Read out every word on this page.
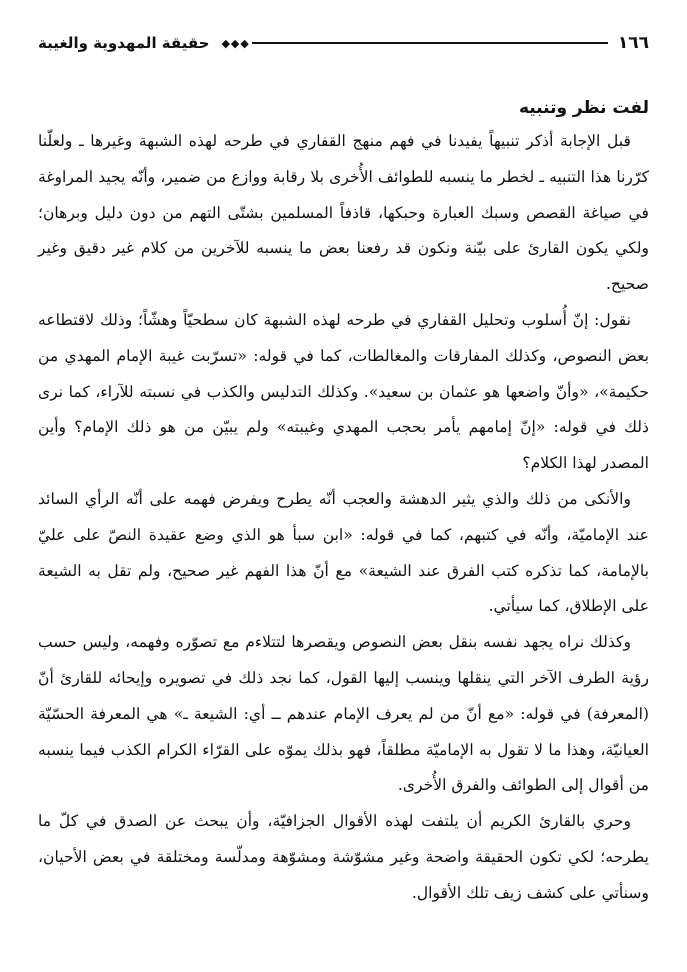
١٦٦
◆◆◆
حقيقة المهدوية والغيبة
لفت نظر وتنبيه

قبل الإجابة أذكر تنبيهاً يفيدنا في فهم منهج القفاري في طرحه لهذه الشبهة وغيرها ـ ولعلّنا كرّرنا هذا التنبيه ـ لخطر ما ينسبه للطوائف الأُخرى بلا رقابة ووازع من ضمير، وأنّه يجيد المراوغة في صياغة القصص وسبك العبارة وحبكها، قاذفاً المسلمين بشتّى التهم من دون دليل وبرهان؛ ولكي يكون القارئ على بيّنة ونكون قد رفعنا بعض ما ينسبه للآخرين من كلام غير دقيق وغير صحيح.

نقول: إنّ أُسلوب وتحليل القفاري في طرحه لهذه الشبهة كان سطحيّاً وهشّاً؛ وذلك لاقتطاعه بعض النصوص، وكذلك المفارقات والمغالطات، كما في قوله: «تسرّبت غيبة الإمام المهدي من حكيمة»، «وأنّ واضعها هو عثمان بن سعيد». وكذلك التدليس والكذب في نسبته للآراء، كما نرى ذلك في قوله: «إنّ إمامهم يأمر بحجب المهدي وغيبته» ولم يبيّن من هو ذلك الإمام؟ وأين المصدر لهذا الكلام؟

والأنكى من ذلك والذي يثير الدهشة والعجب أنّه يطرح ويفرض فهمه على أنّه الرأي السائد عند الإماميّة، وأنّه في كتبهم، كما في قوله: «ابن سبأ هو الذي وضع عقيدة النصّ على عليّ بالإمامة، كما تذكره كتب الفرق عند الشيعة» مع أنّ هذا الفهم غير صحيح، ولم تقل به الشيعة على الإطلاق، كما سيأتي.

وكذلك نراه يجهد نفسه بنقل بعض النصوص ويقصرها لتتلاءم مع تصوّره وفهمه، وليس حسب رؤية الطرف الآخر التي ينقلها وينسب إليها القول، كما نجد ذلك في تصويره وإيحائه للقارئ أنّ (المعرفة) في قوله: «مع أنّ من لم يعرف الإمام عندهم ــ أي: الشيعة ـ» هي المعرفة الحسّيّة العيانيّة، وهذا ما لا تقول به الإماميّة مطلقاً، فهو بذلك يموّه على القرّاء الكرام الكذب فيما ينسبه من أقوال إلى الطوائف والفرق الأُخرى.

وحري بالقارئ الكريم أن يلتفت لهذه الأقوال الجزافيّة، وأن يبحث عن الصدق في كلّ ما يطرحه؛ لكي تكون الحقيقة واضحة وغير مشوّشة ومشوّهة ومدلّسة ومختلقة في بعض الأحيان، وسنأتي على كشف زيف تلك الأقوال.
